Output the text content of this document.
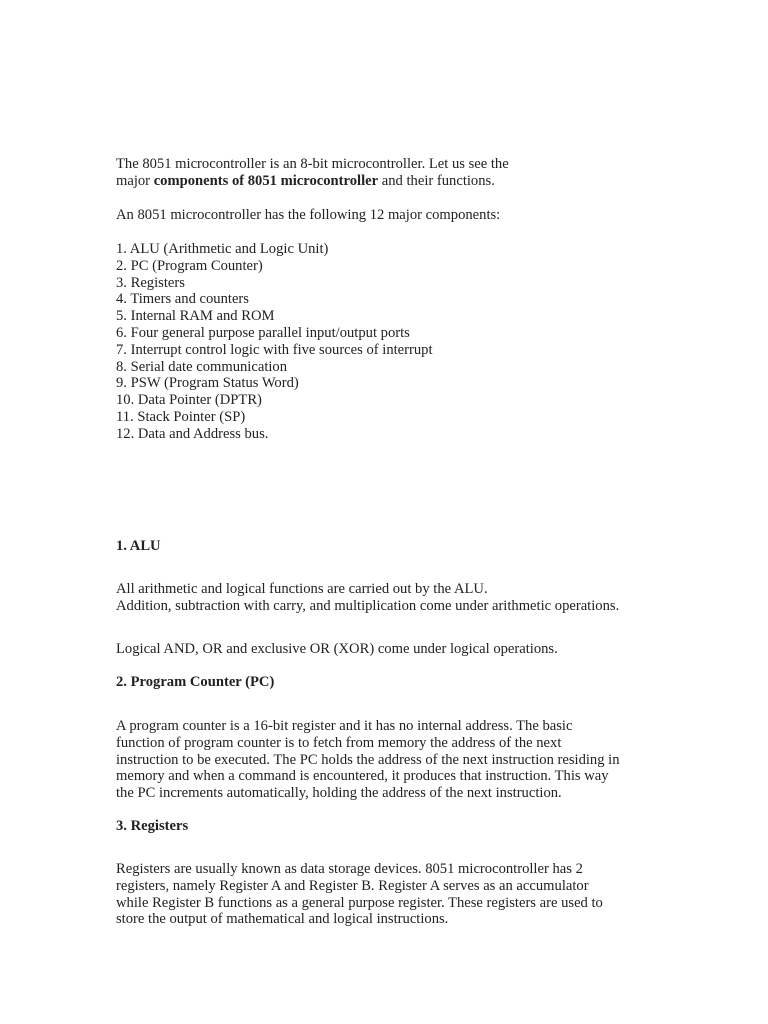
The 8051 microcontroller is an 8-bit microcontroller. Let us see the
major components of 8051 microcontroller and their functions.

An 8051 microcontroller has the following 12 major components:

1. ALU (Arithmetic and Logic Unit)
2. PC (Program Counter)
3. Registers
4. Timers and counters
5. Internal RAM and ROM
6. Four general purpose parallel input/output ports
7. Interrupt control logic with five sources of interrupt
8. Serial date communication
9. PSW (Program Status Word)
10. Data Pointer (DPTR)
11. Stack Pointer (SP)
12. Data and Address bus.

1. ALU

All arithmetic and logical functions are carried out by the ALU.
Addition, subtraction with carry, and multiplication come under arithmetic operations.

Logical AND, OR and exclusive OR (XOR) come under logical operations.

2. Program Counter (PC)

A program counter is a 16-bit register and it has no internal address. The basic
function of program counter is to fetch from memory the address of the next
instruction to be executed. The PC holds the address of the next instruction residing in
memory and when a command is encountered, it produces that instruction. This way
the PC increments automatically, holding the address of the next instruction.

3. Registers

Registers are usually known as data storage devices. 8051 microcontroller has 2
registers, namely Register A and Register B. Register A serves as an accumulator
while Register B functions as a general purpose register. These registers are used to
store the output of mathematical and logical instructions.
